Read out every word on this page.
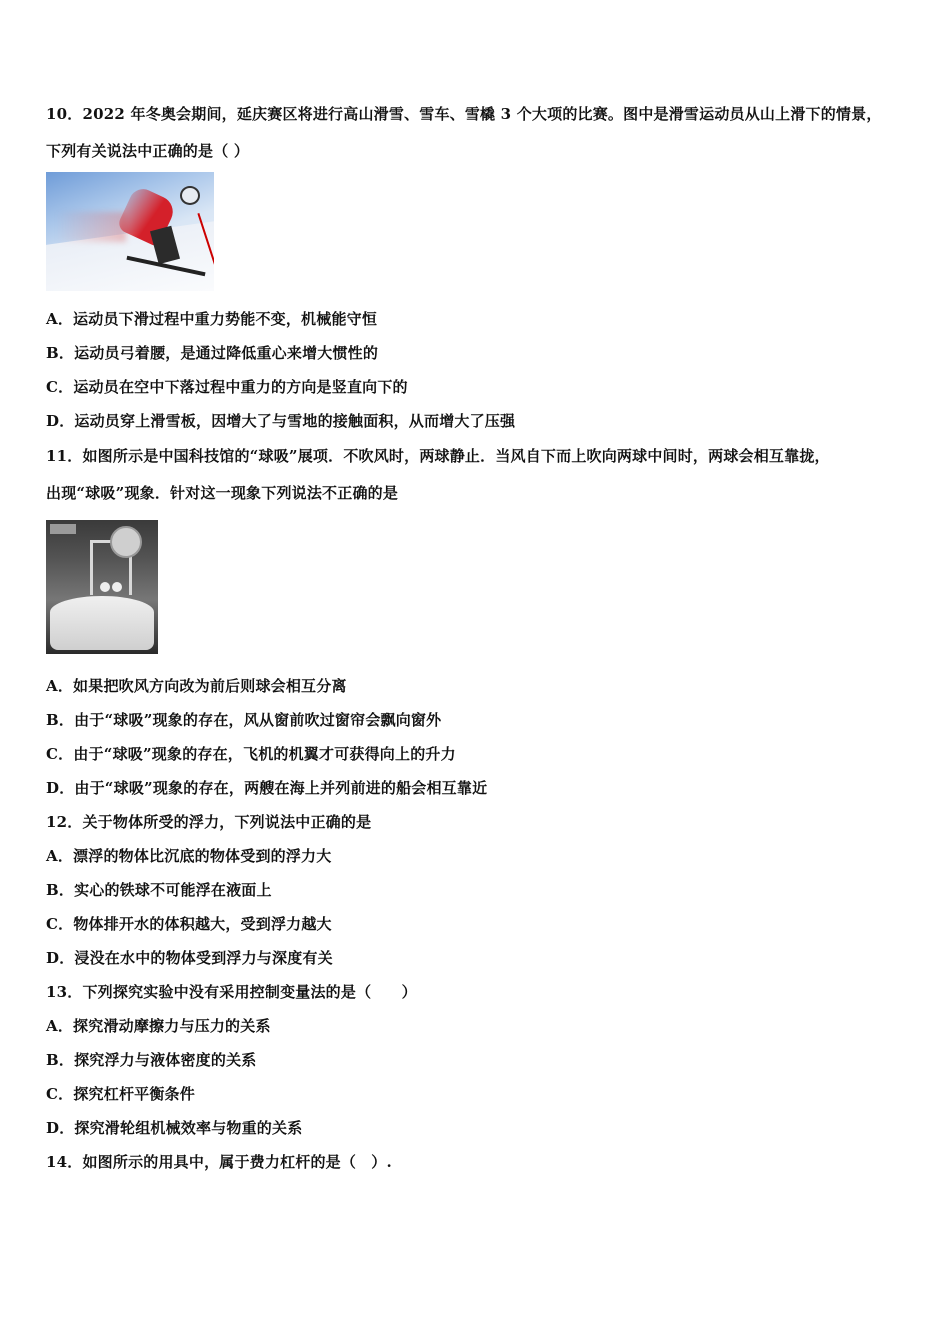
10．2022 年冬奥会期间，延庆赛区将进行高山滑雪、雪车、雪橇 3 个大项的比赛。图中是滑雪运动员从山上滑下的情景，
下列有关说法中正确的是（ ）
A．运动员下滑过程中重力势能不变，机械能守恒
B．运动员弓着腰，是通过降低重心来增大惯性的
C．运动员在空中下落过程中重力的方向是竖直向下的
D．运动员穿上滑雪板，因增大了与雪地的接触面积，从而增大了压强
11．如图所示是中国科技馆的“球吸”展项．不吹风时，两球静止．当风自下而上吹向两球中间时，两球会相互靠拢，
出现“球吸”现象．针对这一现象下列说法不正确的是
A．如果把吹风方向改为前后则球会相互分离
B．由于“球吸”现象的存在，风从窗前吹过窗帘会飘向窗外
C．由于“球吸”现象的存在，飞机的机翼才可获得向上的升力
D．由于“球吸”现象的存在，两艘在海上并列前进的船会相互靠近
12．关于物体所受的浮力，下列说法中正确的是
A．漂浮的物体比沉底的物体受到的浮力大
B．实心的铁球不可能浮在液面上
C．物体排开水的体积越大，受到浮力越大
D．浸没在水中的物体受到浮力与深度有关
13．下列探究实验中没有采用控制变量法的是（　　）
A．探究滑动摩擦力与压力的关系
B．探究浮力与液体密度的关系
C．探究杠杆平衡条件
D．探究滑轮组机械效率与物重的关系
14．如图所示的用具中，属于费力杠杆的是（　）.
